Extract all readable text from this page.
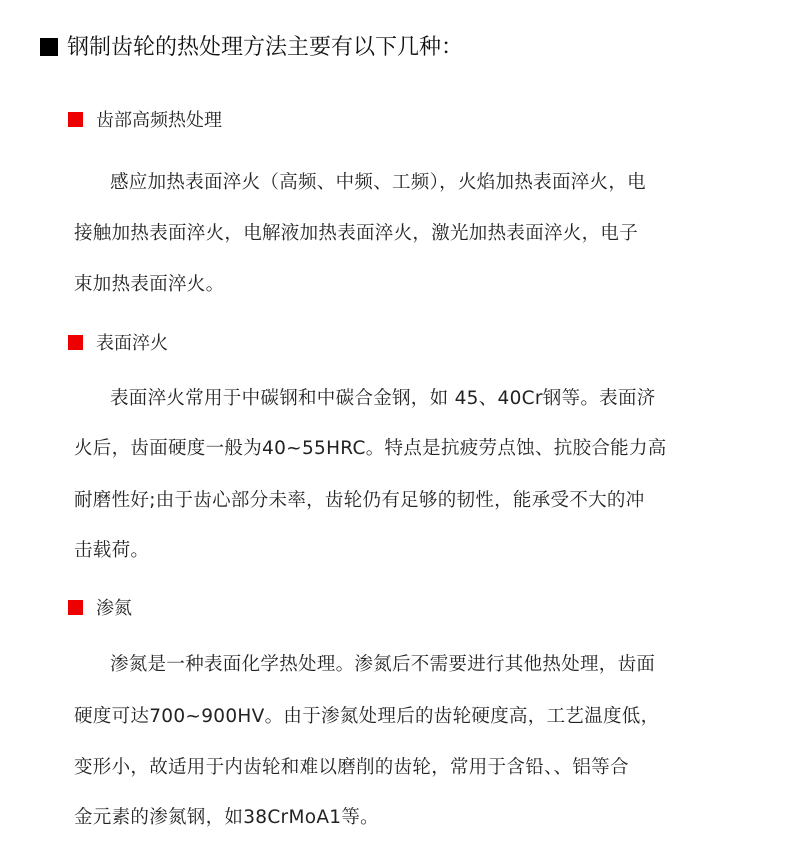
钢制齿轮的热处理方法主要有以下几种：
齿部高频热处理
感应加热表面淬火（高频、中频、工频），火焰加热表面淬火，电
接触加热表面淬火，电解液加热表面淬火，激光加热表面淬火，电子
束加热表面淬火。
表面淬火
表面淬火常用于中碳钢和中碳合金钢，如 45、40Cr钢等。表面济
火后，齿面硬度一般为40~55HRC。特点是抗疲劳点蚀、抗胶合能力高
耐磨性好;由于齿心部分未率，齿轮仍有足够的韧性，能承受不大的冲
击载荷。
渗氮
渗氮是一种表面化学热处理。渗氮后不需要进行其他热处理，齿面
硬度可达700~900HV。由于渗氮处理后的齿轮硬度高，工艺温度低，
变形小，故适用于内齿轮和难以磨削的齿轮，常用于含铅、、铝等合
金元素的渗氮钢，如38CrMoA1等。
